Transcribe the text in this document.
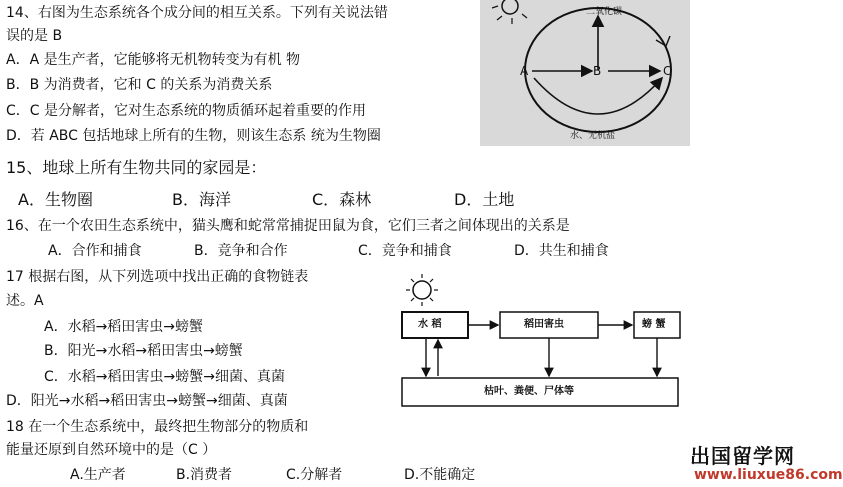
14、右图为生态系统各个成分间的相互关系。下列有关说法错
误的是 B
A．A 是生产者，它能够将无机物转变为有机 物
B．B 为消费者，它和 C 的关系为消费关系
C．C 是分解者，它对生态系统的物质循环起着重要的作用
D．若 ABC 包括地球上所有的生物，则该生态系 统为生物圈
二氧化碳
A	B	C
水、无机盐
15、地球上所有生物共同的家园是：
A．生物圈	B．海洋	C．森林	D．土地
16、在一个农田生态系统中，猫头鹰和蛇常常捕捉田鼠为食，它们三者之间体现出的关系是
A．合作和捕食	B．竞争和合作	C．竞争和捕食	D．共生和捕食
17 根据右图，从下列选项中找出正确的食物链表
述。A
A．水稻→稻田害虫→螃蟹
B．阳光→水稻→稻田害虫→螃蟹
C．水稻→稻田害虫→螃蟹→细菌、真菌
D．阳光→水稻→稻田害虫→螃蟹→细菌、真菌
水 稻	稻田害虫	螃 蟹
枯叶、粪便、尸体等
18 在一个生态系统中，最终把生物部分的物质和
能量还原到自然环境中的是（C ）
A.生产者	B.消费者	C.分解者	D.不能确定
出国留学网
www.liuxue86.com
